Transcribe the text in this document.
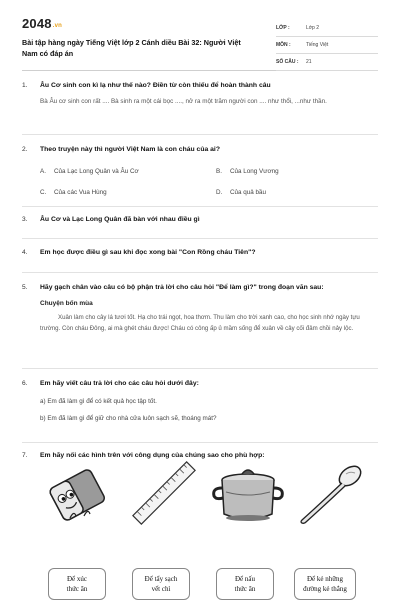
2048.vn
Bài tập hàng ngày Tiếng Việt lớp 2 Cánh diều Bài 32: Người Việt Nam có đáp án
LỚP :	Lớp 2
MÔN :	Tiếng Việt
SỐ CÂU : 21
1. Âu Cơ sinh con kì lạ như thế nào? Điền từ còn thiếu để hoàn thành câu
Bà Âu cơ sinh con rất .... Bà sinh ra một cái bọc ...., nở ra một trăm người con .... như thổi, ...như thần.
2. Theo truyện này thì người Việt Nam là con cháu của ai?
A. Của Lạc Long Quân và Âu Cơ	B. Của Long Vương
C. Của các Vua Hùng	D. Của quả bầu
3. Âu Cơ và Lạc Long Quân đã bàn với nhau điều gì
4. Em học được điều gì sau khi đọc xong bài "Con Rồng cháu Tiên"?
5. Hãy gạch chân vào câu có bộ phận trả lời cho câu hỏi "Để làm gì?" trong đoạn văn sau:
Chuyện bốn mùa
Xuân làm cho cây lá tươi tốt. Hạ cho trái ngọt, hoa thơm. Thu làm cho trời xanh cao, cho học sinh nhớ ngày tựu trường. Còn cháu Đông, ai mà ghét cháu được! Cháu có công ấp ủ mầm sống để xuân về cây cối đâm chồi nảy lộc.
6. Em hãy viết câu trả lời cho các câu hỏi dưới đây:
a) Em đã làm gì để có kết quả học tập tốt.
b) Em đã làm gì để giữ cho nhà cửa luôn sạch sẽ, thoáng mát?
7. Em hãy nối các hình trên với công dụng của chúng sao cho phù hợp:
Để xúc
thức ăn
Để tẩy sạch
vết chì
Để nấu
thức ăn
Để kẻ những
đường kẻ thẳng
